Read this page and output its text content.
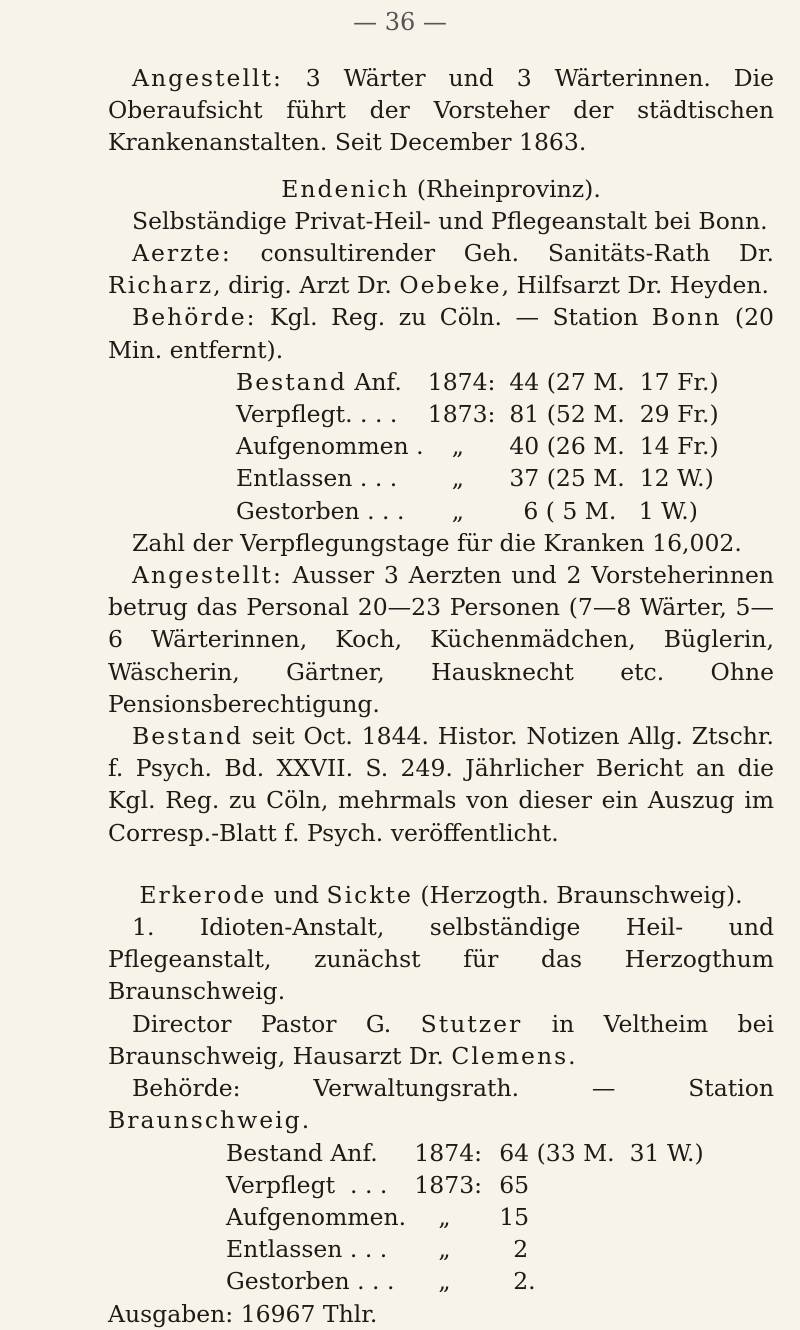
— 36 —

Angestellt: 3 Wärter und 3 Wärterinnen. Die Oberaufsicht führt der Vorsteher der städtischen Krankenanstalten. Seit December 1863.

Endenich (Rheinprovinz).

Selbständige Privat-Heil- und Pflegeanstalt bei Bonn.

Aerzte: consultirender Geh. Sanitäts-Rath Dr. Richarz, dirig. Arzt Dr. Oebeke, Hilfsarzt Dr. Heyden.

Behörde: Kgl. Reg. zu Cöln. — Station Bonn (20 Min. entfernt).

Bestand Anf.	1874:	44 (27 M.  17 Fr.)
Verpflegt. . . .	1873:	81 (52 M.  29 Fr.)
Aufgenommen .	„	40 (26 M.  14 Fr.)
Entlassen . . .	„	37 (25 M.  12 W.)
Gestorben . . .	„	6 ( 5 M.   1 W.)

Zahl der Verpflegungstage für die Kranken 16,002.

Angestellt: Ausser 3 Aerzten und 2 Vorsteherinnen betrug das Personal 20—23 Personen (7—8 Wärter, 5—6 Wärterinnen, Koch, Küchenmädchen, Büglerin, Wäscherin, Gärtner, Hausknecht etc. Ohne Pensionsberechtigung.

Bestand seit Oct. 1844. Histor. Notizen Allg. Ztschr. f. Psych. Bd. XXVII. S. 249. Jährlicher Bericht an die Kgl. Reg. zu Cöln, mehrmals von dieser ein Auszug im Corresp.-Blatt f. Psych. veröffentlicht.

Erkerode und Sickte (Herzogth. Braunschweig).

1. Idioten-Anstalt, selbständige Heil- und Pflegeanstalt, zunächst für das Herzogthum Braunschweig.

Director Pastor G. Stutzer in Veltheim bei Braunschweig, Hausarzt Dr. Clemens.

Behörde: Verwaltungsrath. — Station Braunschweig.

Bestand Anf.	1874:	64 (33 M.  31 W.)
Verpflegt  . . .	1873:	65
Aufgenommen.	„	15
Entlassen . . .	„	2
Gestorben . . .	„	2.

Ausgaben: 16967 Thlr.
